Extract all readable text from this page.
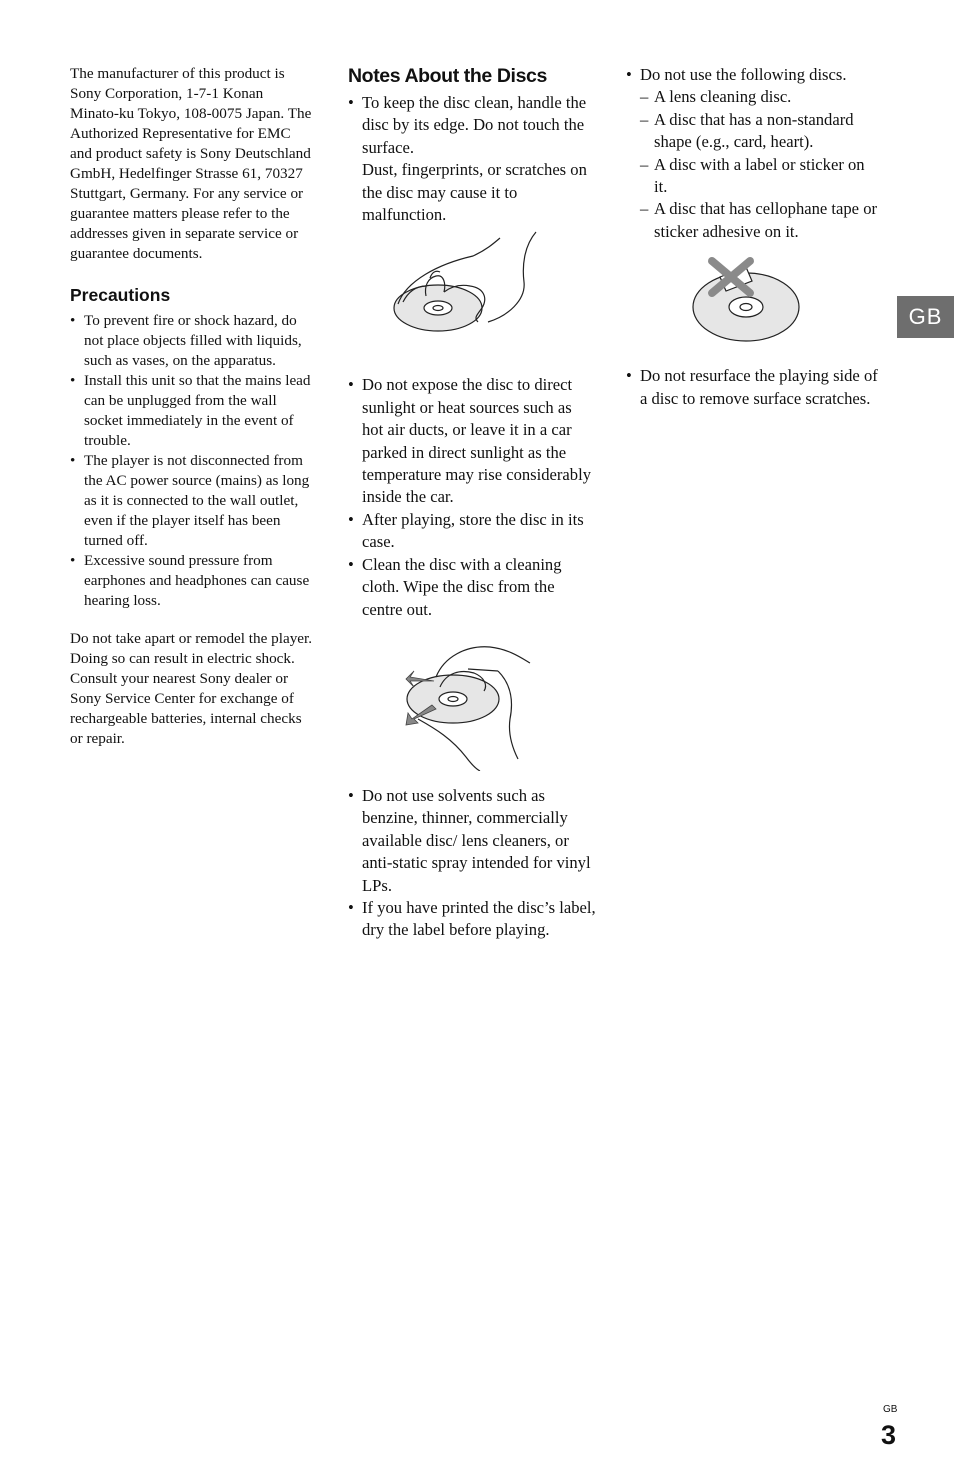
The manufacturer of this product is Sony Corporation, 1-7-1 Konan Minato-ku Tokyo, 108-0075 Japan. The Authorized Representative for EMC and product safety is Sony Deutschland GmbH, Hedelfinger Strasse 61, 70327 Stuttgart, Germany. For any service or guarantee matters please refer to the addresses given in separate service or guarantee documents.

Precautions
• To prevent fire or shock hazard, do not place objects filled with liquids, such as vases, on the apparatus.
• Install this unit so that the mains lead can be unplugged from the wall socket immediately in the event of trouble.
• The player is not disconnected from the AC power source (mains) as long as it is connected to the wall outlet, even if the player itself has been turned off.
• Excessive sound pressure from earphones and headphones can cause hearing loss.

Do not take apart or remodel the player. Doing so can result in electric shock. Consult your nearest Sony dealer or Sony Service Center for exchange of rechargeable batteries, internal checks or repair.

Notes About the Discs
• To keep the disc clean, handle the disc by its edge. Do not touch the surface.
Dust, fingerprints, or scratches on the disc may cause it to malfunction.
• Do not expose the disc to direct sunlight or heat sources such as hot air ducts, or leave it in a car parked in direct sunlight as the temperature may rise considerably inside the car.
• After playing, store the disc in its case.
• Clean the disc with a cleaning cloth. Wipe the disc from the centre out.
• Do not use solvents such as benzine, thinner, commercially available disc/ lens cleaners, or anti-static spray intended for vinyl LPs.
• If you have printed the disc’s label, dry the label before playing.
• Do not use the following discs.
– A lens cleaning disc.
– A disc that has a non-standard shape (e.g., card, heart).
– A disc with a label or sticker on it.
– A disc that has cellophane tape or sticker adhesive on it.
• Do not resurface the playing side of a disc to remove surface scratches.
GB
GB
3
